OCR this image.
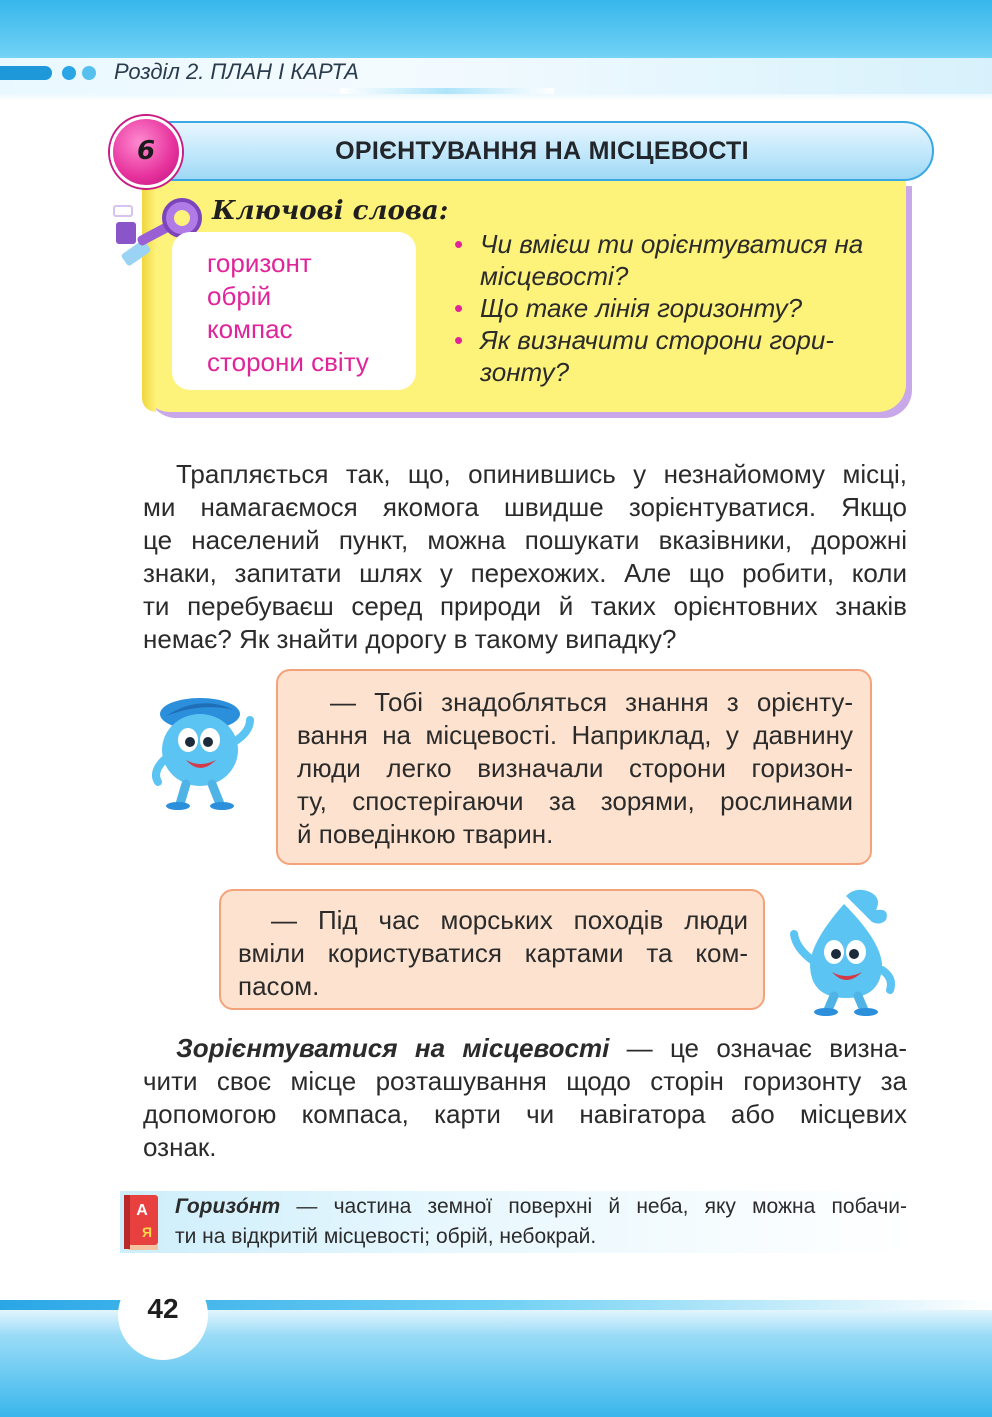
Розділ 2. ПЛАН І КАРТА
ОРІЄНТУВАННЯ НА МІСЦЕВОСТІ
6
Ключові слова:
горизонт
обрій
компас
сторони світу
• Чи вмієш ти орієнтуватися на
місцевості?
• Що таке лінія горизонту?
• Як визначити сторони гори-
зонту?

Трапляється так, що, опинившись у незнайомому місці,
ми намагаємося якомога швидше зорієнтуватися. Якщо
це населений пункт, можна пошукати вказівники, дорожні
знаки, запитати шлях у перехожих. Але що робити, коли
ти перебуваєш серед природи й таких орієнтовних знаків
немає? Як знайти дорогу в такому випадку?

— Тобі знадобляться знання з орієнту-
вання на місцевості. Наприклад, у давнину
люди легко визначали сторони горизон-
ту, спостерігаючи за зорями, рослинами
й поведінкою тварин.

— Під час морських походів люди
вміли користуватися картами та ком-
пасом.

Зорієнтуватися на місцевості — це означає визна-
чити своє місце розташування щодо сторін горизонту за
допомогою компаса, карти чи навігатора або місцевих
ознак.

А
Я

Горизóнт — частина земної поверхні й неба, яку можна побачи-
ти на відкритій місцевості; обрій, небокрай.

42
